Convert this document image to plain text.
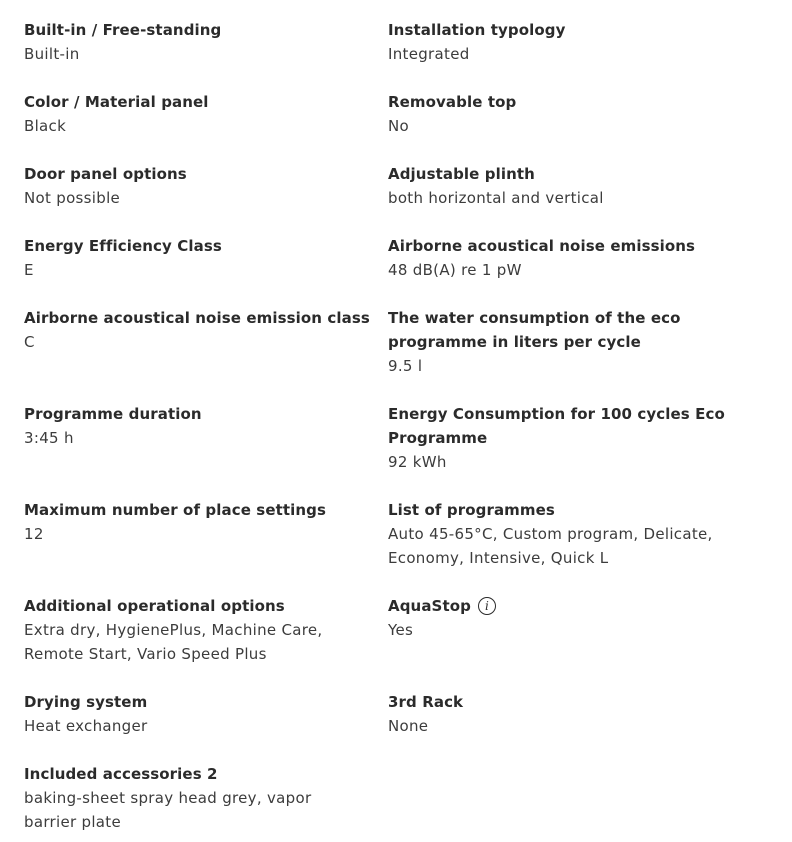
Built-in / Free-standing
Built-in
Installation typology
Integrated
Color / Material panel
Black
Removable top
No
Door panel options
Not possible
Adjustable plinth
both horizontal and vertical
Energy Efficiency Class
E
Airborne acoustical noise emissions
48 dB(A) re 1 pW
Airborne acoustical noise emission class
C
The water consumption of the eco
programme in liters per cycle
9.5 l
Programme duration
3:45 h
Energy Consumption for 100 cycles Eco
Programme
92 kWh
Maximum number of place settings
12
List of programmes
Auto 45-65°C, Custom program, Delicate,
Economy, Intensive, Quick L
Additional operational options
Extra dry, HygienePlus, Machine Care,
Remote Start, Vario Speed Plus
AquaStop	i
Yes
Drying system
Heat exchanger
3rd Rack
None
Included accessories 2
baking-sheet spray head grey, vapor
barrier plate
